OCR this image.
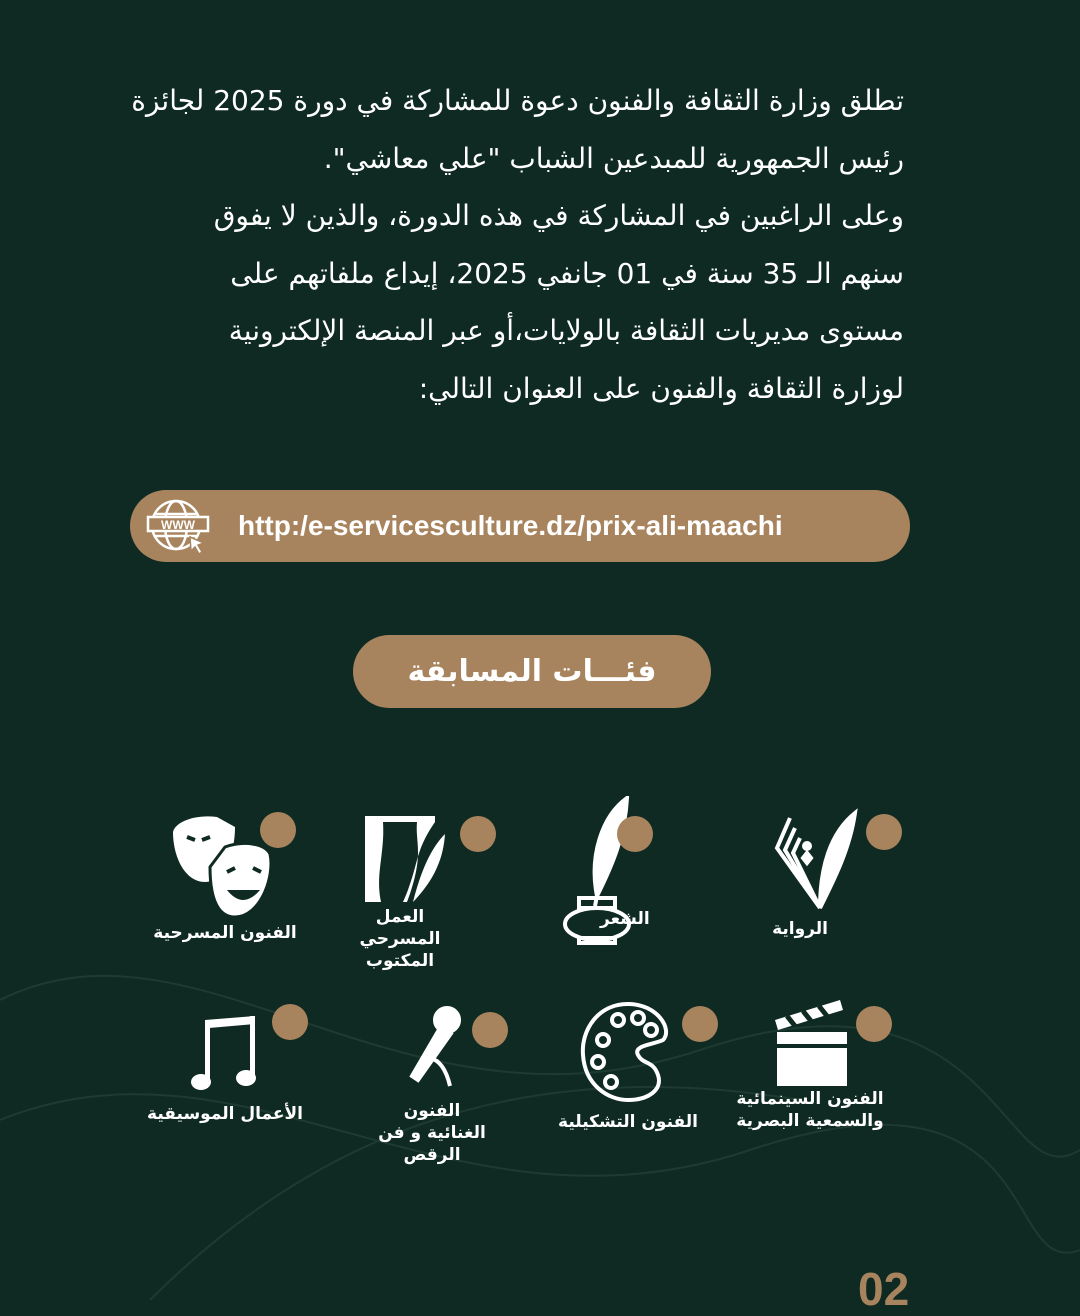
تطلق وزارة الثقافة والفنون دعوة للمشاركة في دورة 2025 لجائزة

رئيس الجمهورية للمبدعين الشباب "علي معاشي".

وعلى الراغبين في المشاركة في هذه الدورة، والذين لا يفوق

سنهم الـ 35 سنة في 01 جانفي 2025، إيداع ملفاتهم على

مستوى مديريات الثقافة بالولايات،أو عبر المنصة الإلكترونية

لوزارة الثقافة والفنون على العنوان التالي:

http:/e-servicesculture.dz/prix-ali-maachi
WWW
فئـــات المسابقة
الرواية
الشعر
العمل المسرحي المكتوب
الفنون المسرحية
الفنون السينمائية والسمعية البصرية
الفنون التشكيلية
الفنون الغنائية و فن الرقص
الأعمال الموسيقية
02
